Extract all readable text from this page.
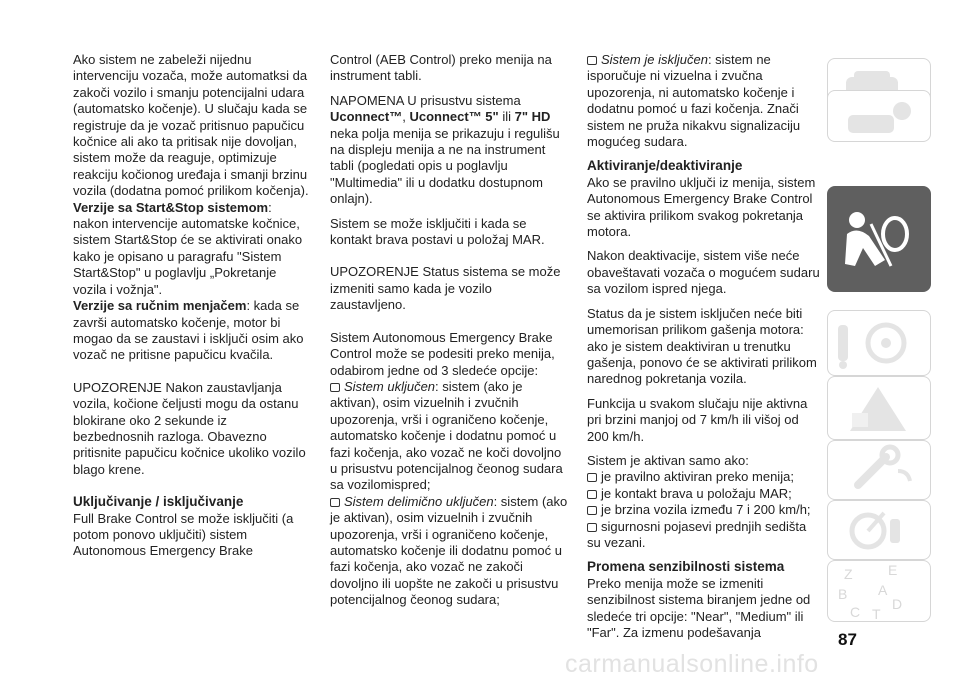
Ako sistem ne zabeleži nijednu intervenciju vozača, može automatksi da zakoči vozilo i smanju potencijalni udara (automatsko kočenje). U slučaju kada se registruje da je vozač pritisnuo papučicu kočnice ali ako ta pritisak nije dovoljan, sistem može da reaguje, optimizuje reakciju kočionog uređaja i smanji brzinu vozila (dodatna pomoć prilikom kočenja).

Verzije sa Start&Stop sistemom: nakon intervencije automatske kočnice, sistem Start&Stop će se aktivirati onako kako je opisano u paragrafu "Sistem Start&Stop" u poglavlju „Pokretanje vozila i vožnja".

Verzije sa ručnim menjačem: kada se završi automatsko kočenje, motor bi mogao da se zaustavi i isključi osim ako vozač ne pritisne papučicu kvačila.

UPOZORENJE Nakon zaustavljanja vozila, kočione čeljusti mogu da ostanu blokirane oko 2 sekunde iz bezbednosnih razloga. Obavezno pritisnite papučicu kočnice ukoliko vozilo blago krene.

Uključivanje / isključivanje

Full Brake Control se može isključiti (a potom ponovo uključiti) sistem Autonomous Emergency Brake

Control (AEB Control) preko menija na instrument tabli.

NAPOMENA U prisustvu sistema Uconnect™, Uconnect™ 5" ili 7" HD neka polja menija se prikazuju i regulišu na displeju menija a ne na instrument tabli (pogledati opis u poglavlju "Multimedia" ili u dodatku dostupnom onlajn).

Sistem se može isključiti i kada se kontakt brava postavi u položaj MAR.

UPOZORENJE Status sistema se može izmeniti samo kada je vozilo zaustavljeno.

Sistem Autonomous Emergency Brake Control može se podesiti preko menija, odabirom jedne od 3 sledeće opcije:

Sistem uključen: sistem (ako je aktivan), osim vizuelnih i zvučnih upozorenja, vrši i ograničeno kočenje, automatsko kočenje i dodatnu pomoć u fazi kočenja, ako vozač ne koči dovoljno u prisustvu potencijalnog čeonog sudara sa vozilomispred;

Sistem delimično uključen: sistem (ako je aktivan), osim vizuelnih i zvučnih upozorenja, vrši i ograničeno kočenje, automatsko kočenje ili dodatnu pomoć u fazi kočenja, ako vozač ne zakoči dovoljno ili uopšte ne zakoči u prisustvu potencijalnog čeonog sudara;

Sistem je isključen: sistem ne isporučuje ni vizuelna i zvučna upozorenja, ni automatsko kočenje i dodatnu pomoć u fazi kočenja. Znači sistem ne pruža nikakvu signalizaciju mogućeg sudara.

Aktiviranje/deaktiviranje

Ako se pravilno uključi iz menija, sistem Autonomous Emergency Brake Control se aktivira prilikom svakog pokretanja motora.

Nakon deaktivacije, sistem više neće obaveštavati vozača o mogućem sudaru sa vozilom ispred njega.

Status da je sistem isključen neće biti umemorisan prilikom gašenja motora: ako je sistem deaktiviran u trenutku gašenja, ponovo će se aktivirati prilikom narednog pokretanja vozila.

Funkcija u svakom slučaju nije aktivna pri brzini manjoj od 7 km/h ili višoj od 200 km/h.

Sistem je aktivan samo ako:

je pravilno aktiviran preko menija;

je kontakt brava u položaju MAR;

je brzina vozila između 7 i 200 km/h;

sigurnosni pojasevi prednjih sedišta su vezani.

Promena senzibilnosti sistema

Preko menija može se izmeniti senzibilnost sistema biranjem jedne od sledeće tri opcije: "Near", "Medium" ili "Far". Za izmenu podešavanja

Z	E
B A
C T
D
87
carmanualsonline.info
